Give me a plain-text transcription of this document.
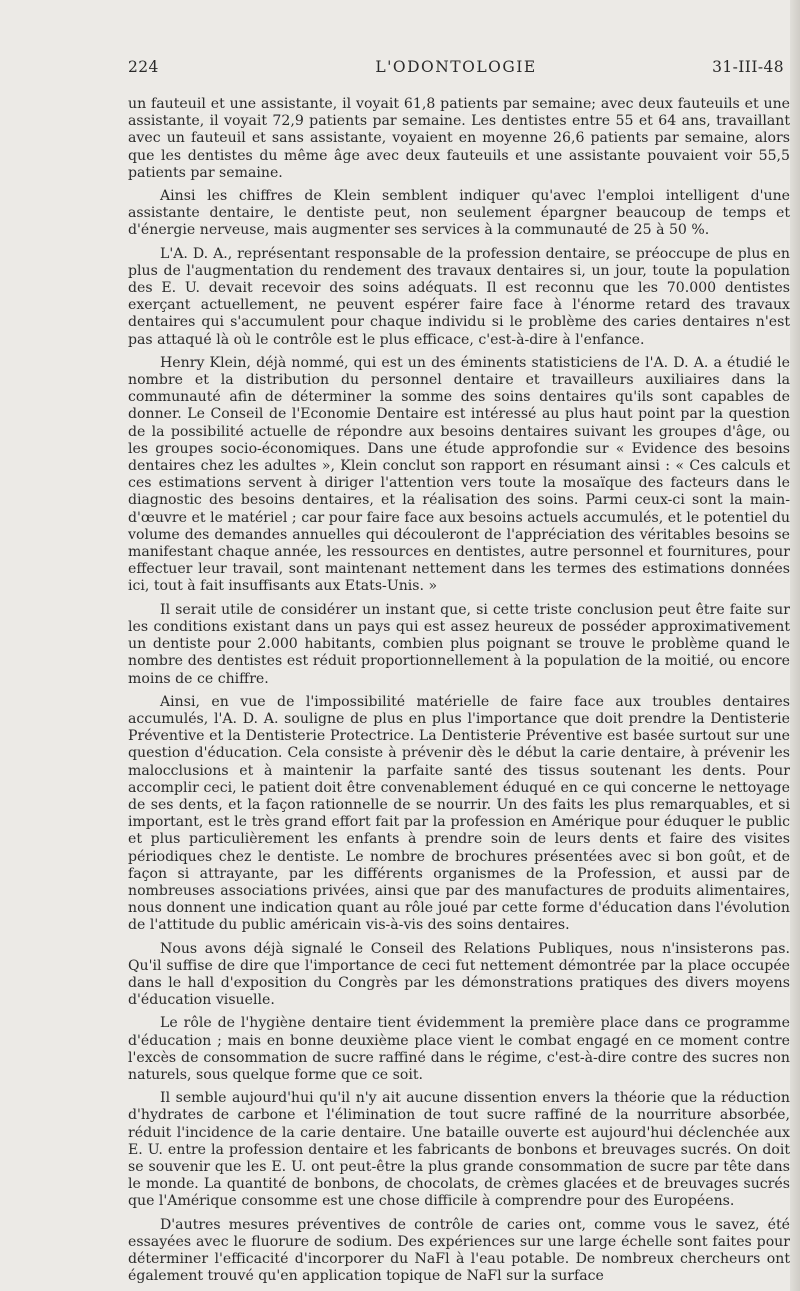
224	L'ODONTOLOGIE	31-III-48

un fauteuil et une assistante, il voyait 61,8 patients par semaine; avec deux fauteuils et une assistante, il voyait 72,9 patients par semaine. Les dentistes entre 55 et 64 ans, travaillant avec un fauteuil et sans assistante, voyaient en moyenne 26,6 patients par semaine, alors que les dentistes du même âge avec deux fauteuils et une assistante pouvaient voir 55,5 patients par semaine.

Ainsi les chiffres de Klein semblent indiquer qu'avec l'emploi intelligent d'une assistante dentaire, le dentiste peut, non seulement épargner beaucoup de temps et d'énergie nerveuse, mais augmenter ses services à la communauté de 25 à 50 %.

L'A. D. A., représentant responsable de la profession dentaire, se préoccupe de plus en plus de l'augmentation du rendement des travaux dentaires si, un jour, toute la population des E. U. devait recevoir des soins adéquats. Il est reconnu que les 70.000 dentistes exerçant actuellement, ne peuvent espérer faire face à l'énorme retard des travaux dentaires qui s'accumulent pour chaque individu si le problème des caries dentaires n'est pas attaqué là où le contrôle est le plus efficace, c'est-à-dire à l'enfance.

Henry Klein, déjà nommé, qui est un des éminents statisticiens de l'A. D. A. a étudié le nombre et la distribution du personnel dentaire et travailleurs auxiliaires dans la communauté afin de déterminer la somme des soins dentaires qu'ils sont capables de donner. Le Conseil de l'Economie Dentaire est intéressé au plus haut point par la question de la possibilité actuelle de répondre aux besoins dentaires suivant les groupes d'âge, ou les groupes socio-économiques. Dans une étude approfondie sur « Evidence des besoins dentaires chez les adultes », Klein conclut son rapport en résumant ainsi : « Ces calculs et ces estimations servent à diriger l'attention vers toute la mosaïque des facteurs dans le diagnostic des besoins dentaires, et la réalisation des soins. Parmi ceux-ci sont la main-d'œuvre et le matériel ; car pour faire face aux besoins actuels accumulés, et le potentiel du volume des demandes annuelles qui découleront de l'appréciation des véritables besoins se manifestant chaque année, les ressources en dentistes, autre personnel et fournitures, pour effectuer leur travail, sont maintenant nettement dans les termes des estimations données ici, tout à fait insuffisants aux Etats-Unis. »

Il serait utile de considérer un instant que, si cette triste conclusion peut être faite sur les conditions existant dans un pays qui est assez heureux de posséder approximativement un dentiste pour 2.000 habitants, combien plus poignant se trouve le problème quand le nombre des dentistes est réduit proportionnellement à la population de la moitié, ou encore moins de ce chiffre.

Ainsi, en vue de l'impossibilité matérielle de faire face aux troubles dentaires accumulés, l'A. D. A. souligne de plus en plus l'importance que doit prendre la Dentisterie Préventive et la Dentisterie Protectrice. La Dentisterie Préventive est basée surtout sur une question d'éducation. Cela consiste à prévenir dès le début la carie dentaire, à prévenir les malocclusions et à maintenir la parfaite santé des tissus soutenant les dents. Pour accomplir ceci, le patient doit être convenablement éduqué en ce qui concerne le nettoyage de ses dents, et la façon rationnelle de se nourrir. Un des faits les plus remarquables, et si important, est le très grand effort fait par la profession en Amérique pour éduquer le public et plus particulièrement les enfants à prendre soin de leurs dents et faire des visites périodiques chez le dentiste. Le nombre de brochures présentées avec si bon goût, et de façon si attrayante, par les différents organismes de la Profession, et aussi par de nombreuses associations privées, ainsi que par des manufactures de produits alimentaires, nous donnent une indication quant au rôle joué par cette forme d'éducation dans l'évolution de l'attitude du public américain vis-à-vis des soins dentaires.

Nous avons déjà signalé le Conseil des Relations Publiques, nous n'insisterons pas. Qu'il suffise de dire que l'importance de ceci fut nettement démontrée par la place occupée dans le hall d'exposition du Congrès par les démonstrations pratiques des divers moyens d'éducation visuelle.

Le rôle de l'hygiène dentaire tient évidemment la première place dans ce programme d'éducation ; mais en bonne deuxième place vient le combat engagé en ce moment contre l'excès de consommation de sucre raffiné dans le régime, c'est-à-dire contre des sucres non naturels, sous quelque forme que ce soit.

Il semble aujourd'hui qu'il n'y ait aucune dissention envers la théorie que la réduction d'hydrates de carbone et l'élimination de tout sucre raffiné de la nourriture absorbée, réduit l'incidence de la carie dentaire. Une bataille ouverte est aujourd'hui déclenchée aux E. U. entre la profession dentaire et les fabricants de bonbons et breuvages sucrés. On doit se souvenir que les E. U. ont peut-être la plus grande consommation de sucre par tête dans le monde. La quantité de bonbons, de chocolats, de crèmes glacées et de breuvages sucrés que l'Amérique consomme est une chose difficile à comprendre pour des Européens.

D'autres mesures préventives de contrôle de caries ont, comme vous le savez, été essayées avec le fluorure de sodium. Des expériences sur une large échelle sont faites pour déterminer l'efficacité d'incorporer du NaFl à l'eau potable. De nombreux chercheurs ont également trouvé qu'en application topique de NaFl sur la surface
